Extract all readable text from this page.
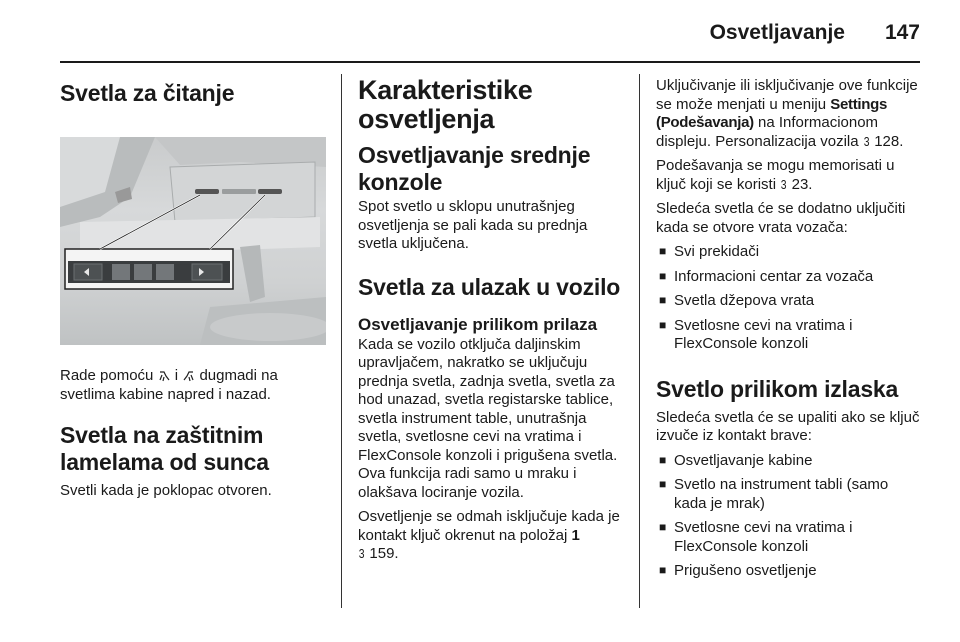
Osvetljavanje 147
Svetla za čitanje

Rade pomoću i dugmadi na svetlima kabine napred i nazad.

Svetla na zaštitnim lamelama od sunca

Svetli kada je poklopac otvoren.

Karakteristike osvetljenja
Osvetljavanje srednje konzole

Spot svetlo u sklopu unutrašnjeg osvetljenja se pali kada su prednja svetla uključena.

Svetla za ulazak u vozilo
Osvetljavanje prilikom prilaza

Kada se vozilo otključa daljinskim upravljačem, nakratko se uključuju prednja svetla, zadnja svetla, svetla za hod unazad, svetla registarske tablice, svetla instrument table, unutrašnja svetla, svetlosne cevi na vratima i FlexConsole konzoli i prigušena svetla. Ova funkcija radi samo u mraku i olakšava lociranje vozila.

Osvetljenje se odmah isključuje kada je kontakt ključ okrenut na položaj 1
3 159.

Uključivanje ili isključivanje ove funkcije se može menjati u meniju Settings (Podešavanja) na Informacionom displeju. Personalizacija vozila 3 128.

Podešavanja se mogu memorisati u ključ koji se koristi 3 23.

Sledeća svetla će se dodatno uključiti kada se otvore vrata vozača:

■ Svi prekidači
■ Informacioni centar za vozača
■ Svetla džepova vrata
■ Svetlosne cevi na vratima i FlexConsole konzoli
Svetlo prilikom izlaska

Sledeća svetla će se upaliti ako se ključ izvuče iz kontakt brave:

■ Osvetljavanje kabine
■ Svetlo na instrument tabli (samo kada je mrak)
■ Svetlosne cevi na vratima i FlexConsole konzoli
■ Prigušeno osvetljenje
